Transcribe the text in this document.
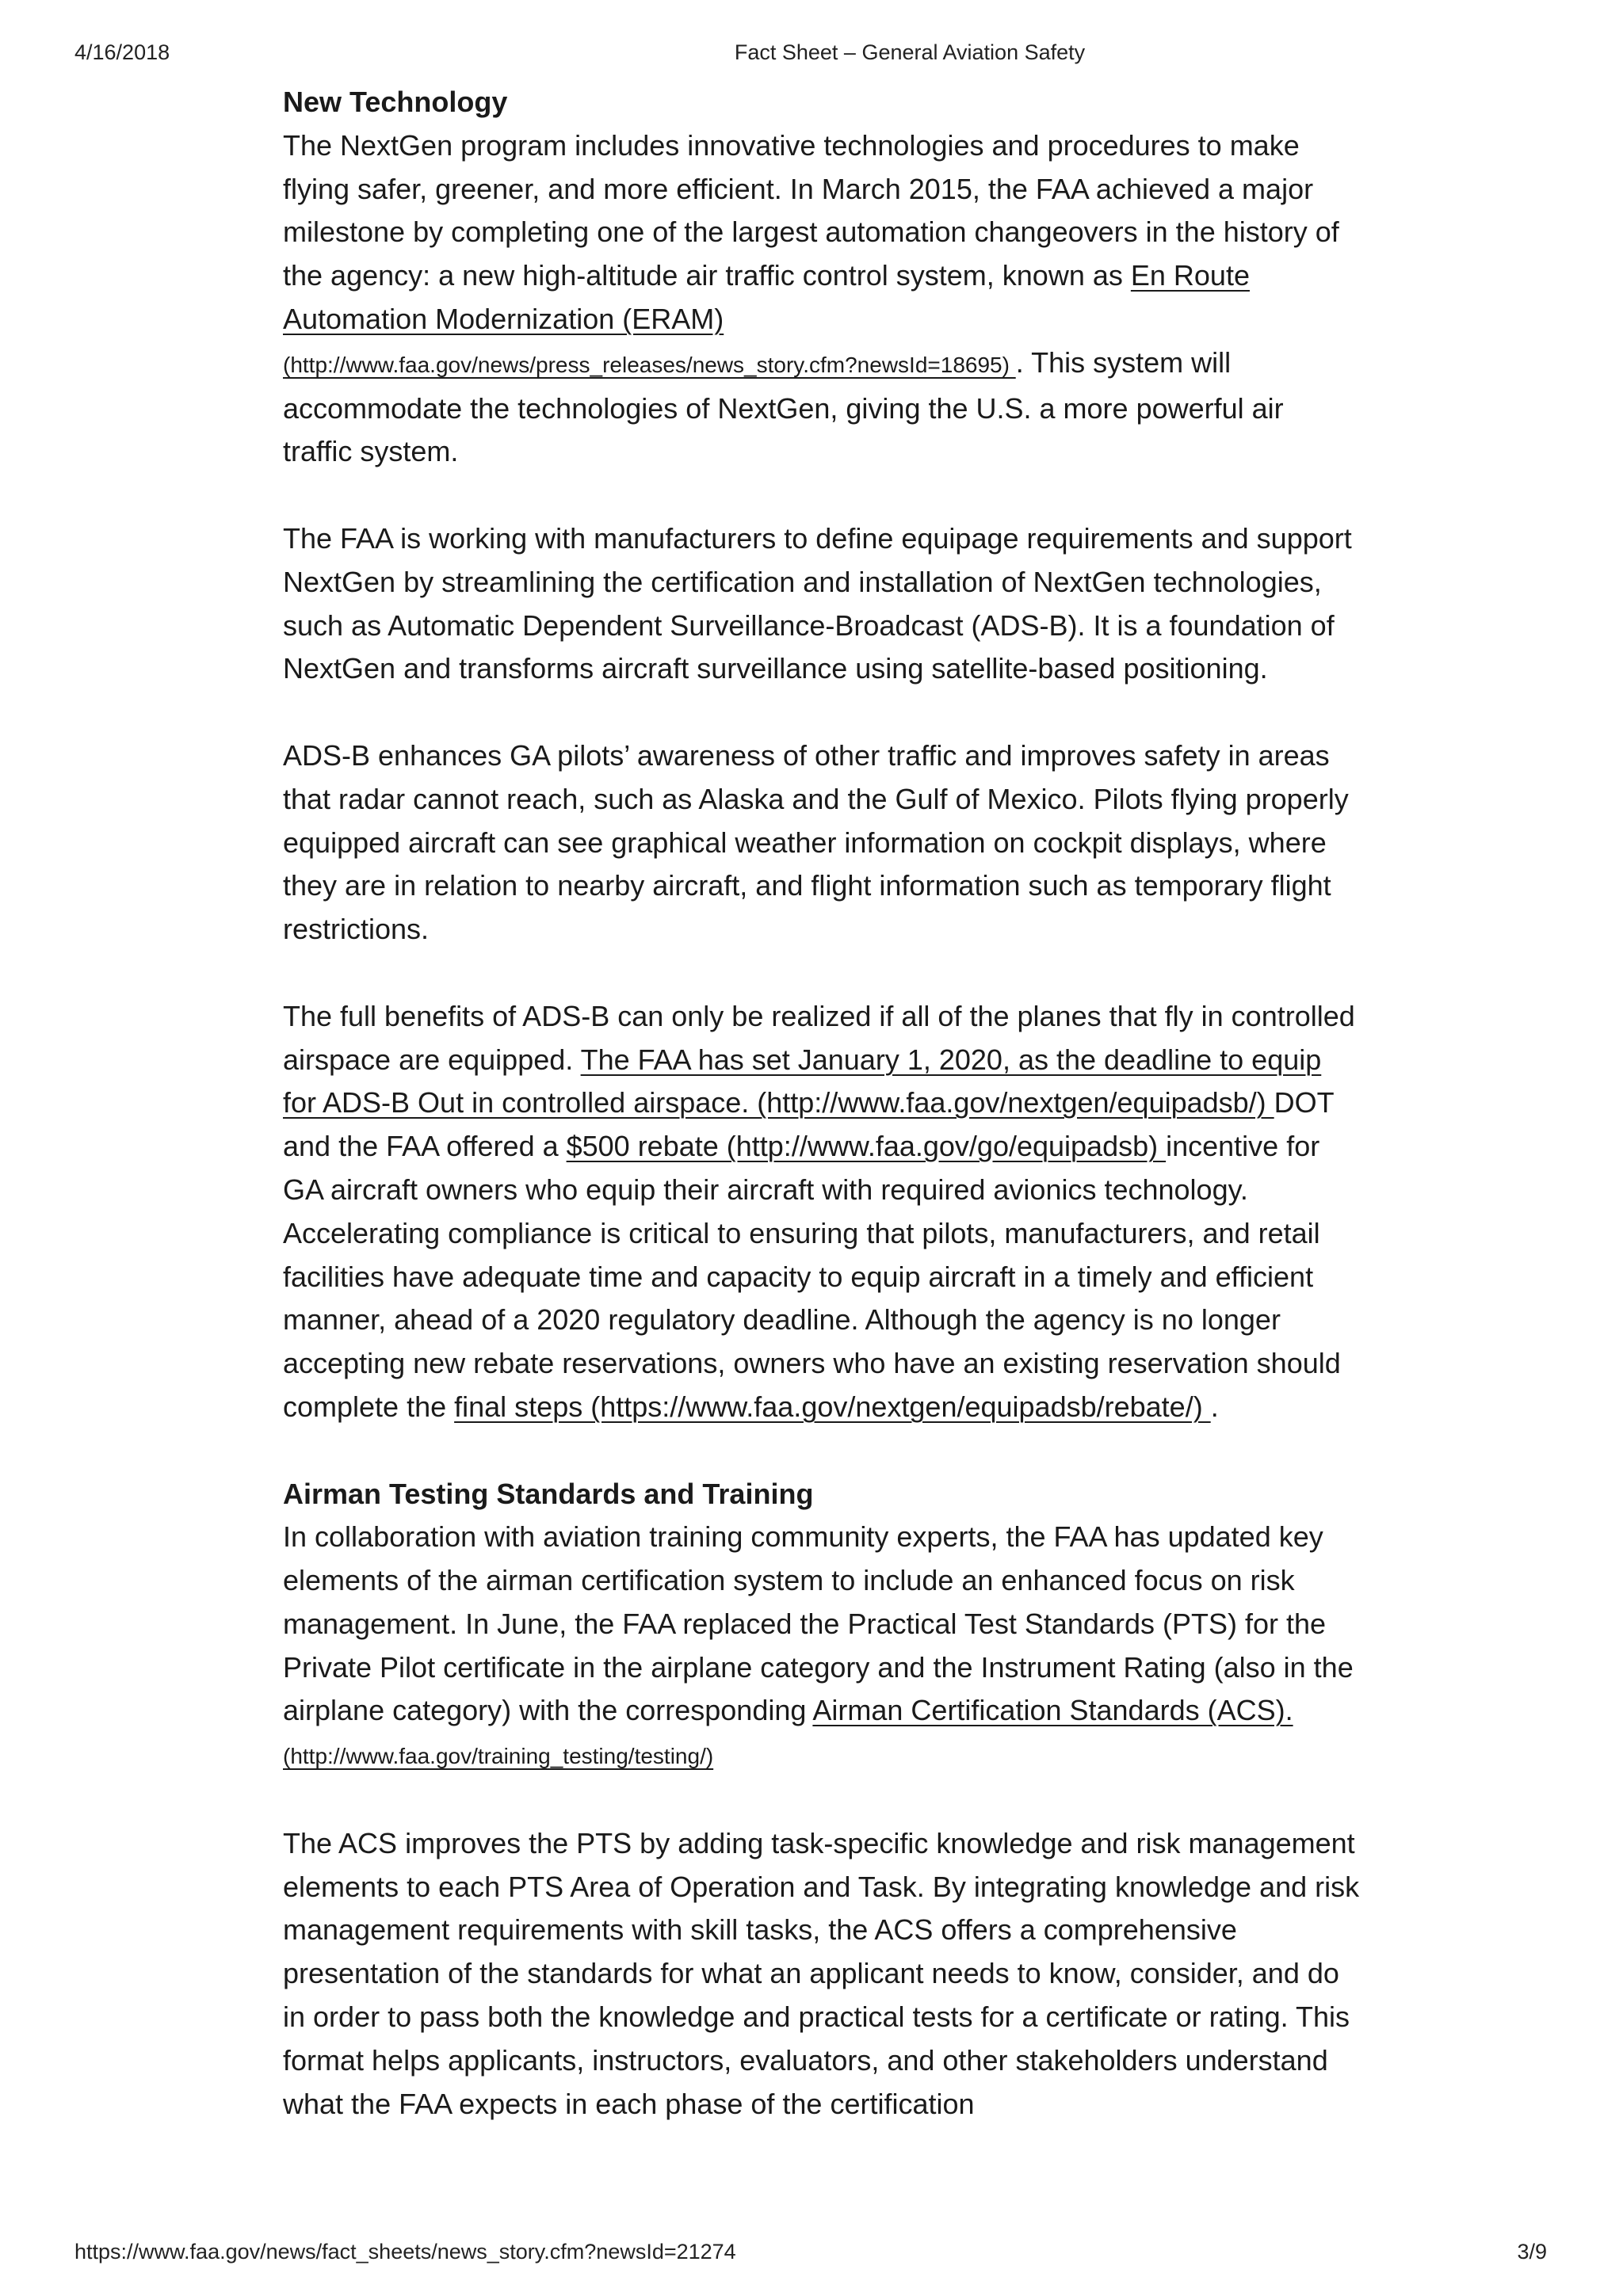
4/16/2018	Fact Sheet – General Aviation Safety

New Technology
The NextGen program includes innovative technologies and procedures to make flying safer, greener, and more efficient. In March 2015, the FAA achieved a major milestone by completing one of the largest automation changeovers in the history of the agency: a new high-altitude air traffic control system, known as En Route Automation Modernization (ERAM)
(http://www.faa.gov/news/press_releases/news_story.cfm?newsId=18695) . This system will accommodate the technologies of NextGen, giving the U.S. a more powerful air traffic system.

The FAA is working with manufacturers to define equipage requirements and support NextGen by streamlining the certification and installation of NextGen technologies, such as Automatic Dependent Surveillance-Broadcast (ADS-B). It is a foundation of NextGen and transforms aircraft surveillance using satellite-based positioning.

ADS-B enhances GA pilots’ awareness of other traffic and improves safety in areas that radar cannot reach, such as Alaska and the Gulf of Mexico. Pilots flying properly equipped aircraft can see graphical weather information on cockpit displays, where they are in relation to nearby aircraft, and flight information such as temporary flight restrictions.

The full benefits of ADS-B can only be realized if all of the planes that fly in controlled airspace are equipped. The FAA has set January 1, 2020, as the deadline to equip for ADS-B Out in controlled airspace. (http://www.faa.gov/nextgen/equipadsb/) DOT and the FAA offered a $500 rebate (http://www.faa.gov/go/equipadsb) incentive for GA aircraft owners who equip their aircraft with required avionics technology. Accelerating compliance is critical to ensuring that pilots, manufacturers, and retail facilities have adequate time and capacity to equip aircraft in a timely and efficient manner, ahead of a 2020 regulatory deadline. Although the agency is no longer accepting new rebate reservations, owners who have an existing reservation should complete the final steps (https://www.faa.gov/nextgen/equipadsb/rebate/) .

Airman Testing Standards and Training
In collaboration with aviation training community experts, the FAA has updated key elements of the airman certification system to include an enhanced focus on risk management. In June, the FAA replaced the Practical Test Standards (PTS) for the Private Pilot certificate in the airplane category and the Instrument Rating (also in the airplane category) with the corresponding Airman Certification Standards (ACS).
(http://www.faa.gov/training_testing/testing/)

The ACS improves the PTS by adding task-specific knowledge and risk management elements to each PTS Area of Operation and Task. By integrating knowledge and risk management requirements with skill tasks, the ACS offers a comprehensive presentation of the standards for what an applicant needs to know, consider, and do in order to pass both the knowledge and practical tests for a certificate or rating. This format helps applicants, instructors, evaluators, and other stakeholders understand what the FAA expects in each phase of the certification

https://www.faa.gov/news/fact_sheets/news_story.cfm?newsId=21274	3/9
